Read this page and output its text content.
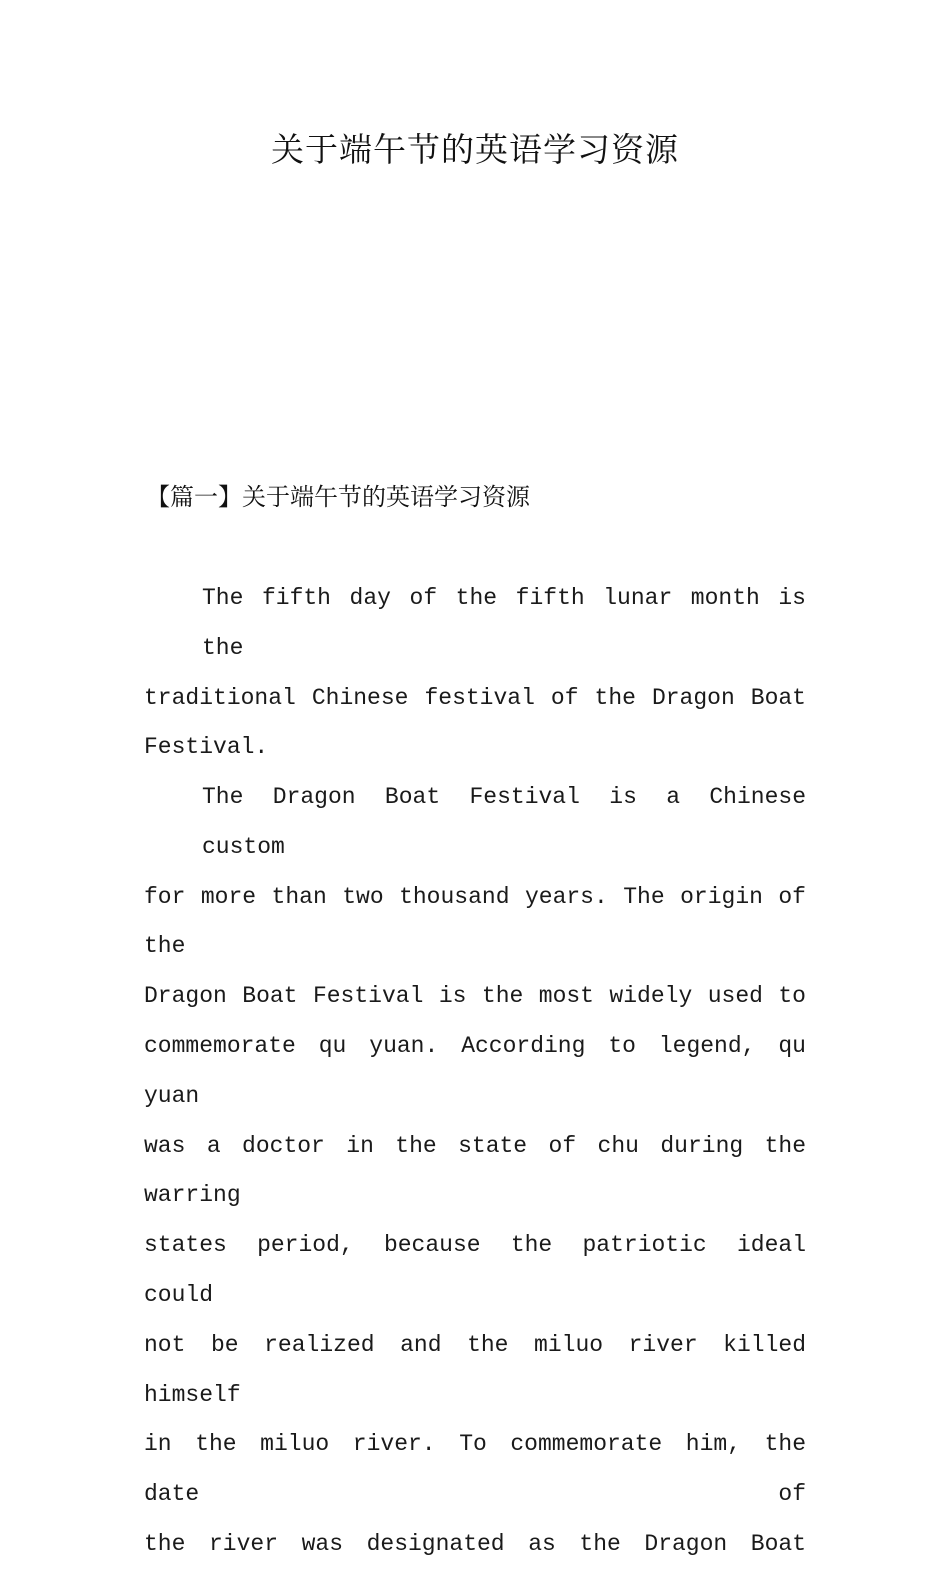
关于端午节的英语学习资源
【篇一】关于端午节的英语学习资源
The fifth day of the fifth lunar month is the
traditional Chinese festival of the Dragon Boat
Festival.
The Dragon Boat Festival is a Chinese custom
for more than two thousand years. The origin of the
Dragon Boat Festival is the most widely used to
commemorate qu yuan. According to legend, qu yuan
was a doctor in the state of chu during the warring
states period, because the patriotic ideal could
not be realized and the miluo river killed himself
in the miluo river. To commemorate him, the date of
the river was designated as the Dragon Boat
